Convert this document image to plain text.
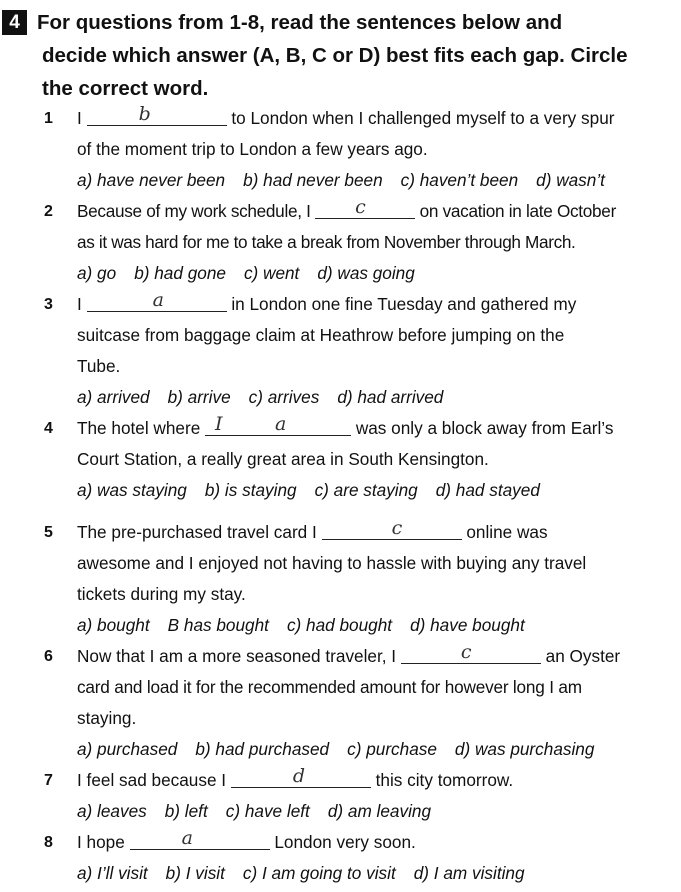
4 For questions from 1-8, read the sentences below and
decide which answer (A, B, C or D) best fits each gap. Circle
the correct word.
1 I	b	to London when I challenged myself to a very spur
of the moment trip to London a few years ago.
a) have never been b) had never been c) haven’t been d) wasn’t
2 Because of my work schedule, I c	on vacation in late October
as it was hard for me to take a break from November through March.
a) go b) had gone c) went d) was going
3 I	a	in London one fine Tuesday and gathered my
suitcase from baggage claim at Heathrow before jumping on the
Tube.
a) arrived b) arrive c) arrives d) had arrived
4 The hotel where I	a	was only a block away from Earl’s
Court Station, a really great area in South Kensington.
a) was staying b) is staying c) are staying d) had stayed
5 The pre-purchased travel card I	c	online was
awesome and I enjoyed not having to hassle with buying any travel
tickets during my stay.
a) bought B has bought c) had bought d) have bought
6 Now that I am a more seasoned traveler, I	c	an Oyster
card and load it for the recommended amount for however long I am
staying.
a) purchased b) had purchased c) purchase d) was purchasing
7 I feel sad because I	d	this city tomorrow.
a) leaves b) left c) have left d) am leaving
8 I hope	a	London very soon.
a) I’ll visit b) I visit c) I am going to visit d) I am visiting
